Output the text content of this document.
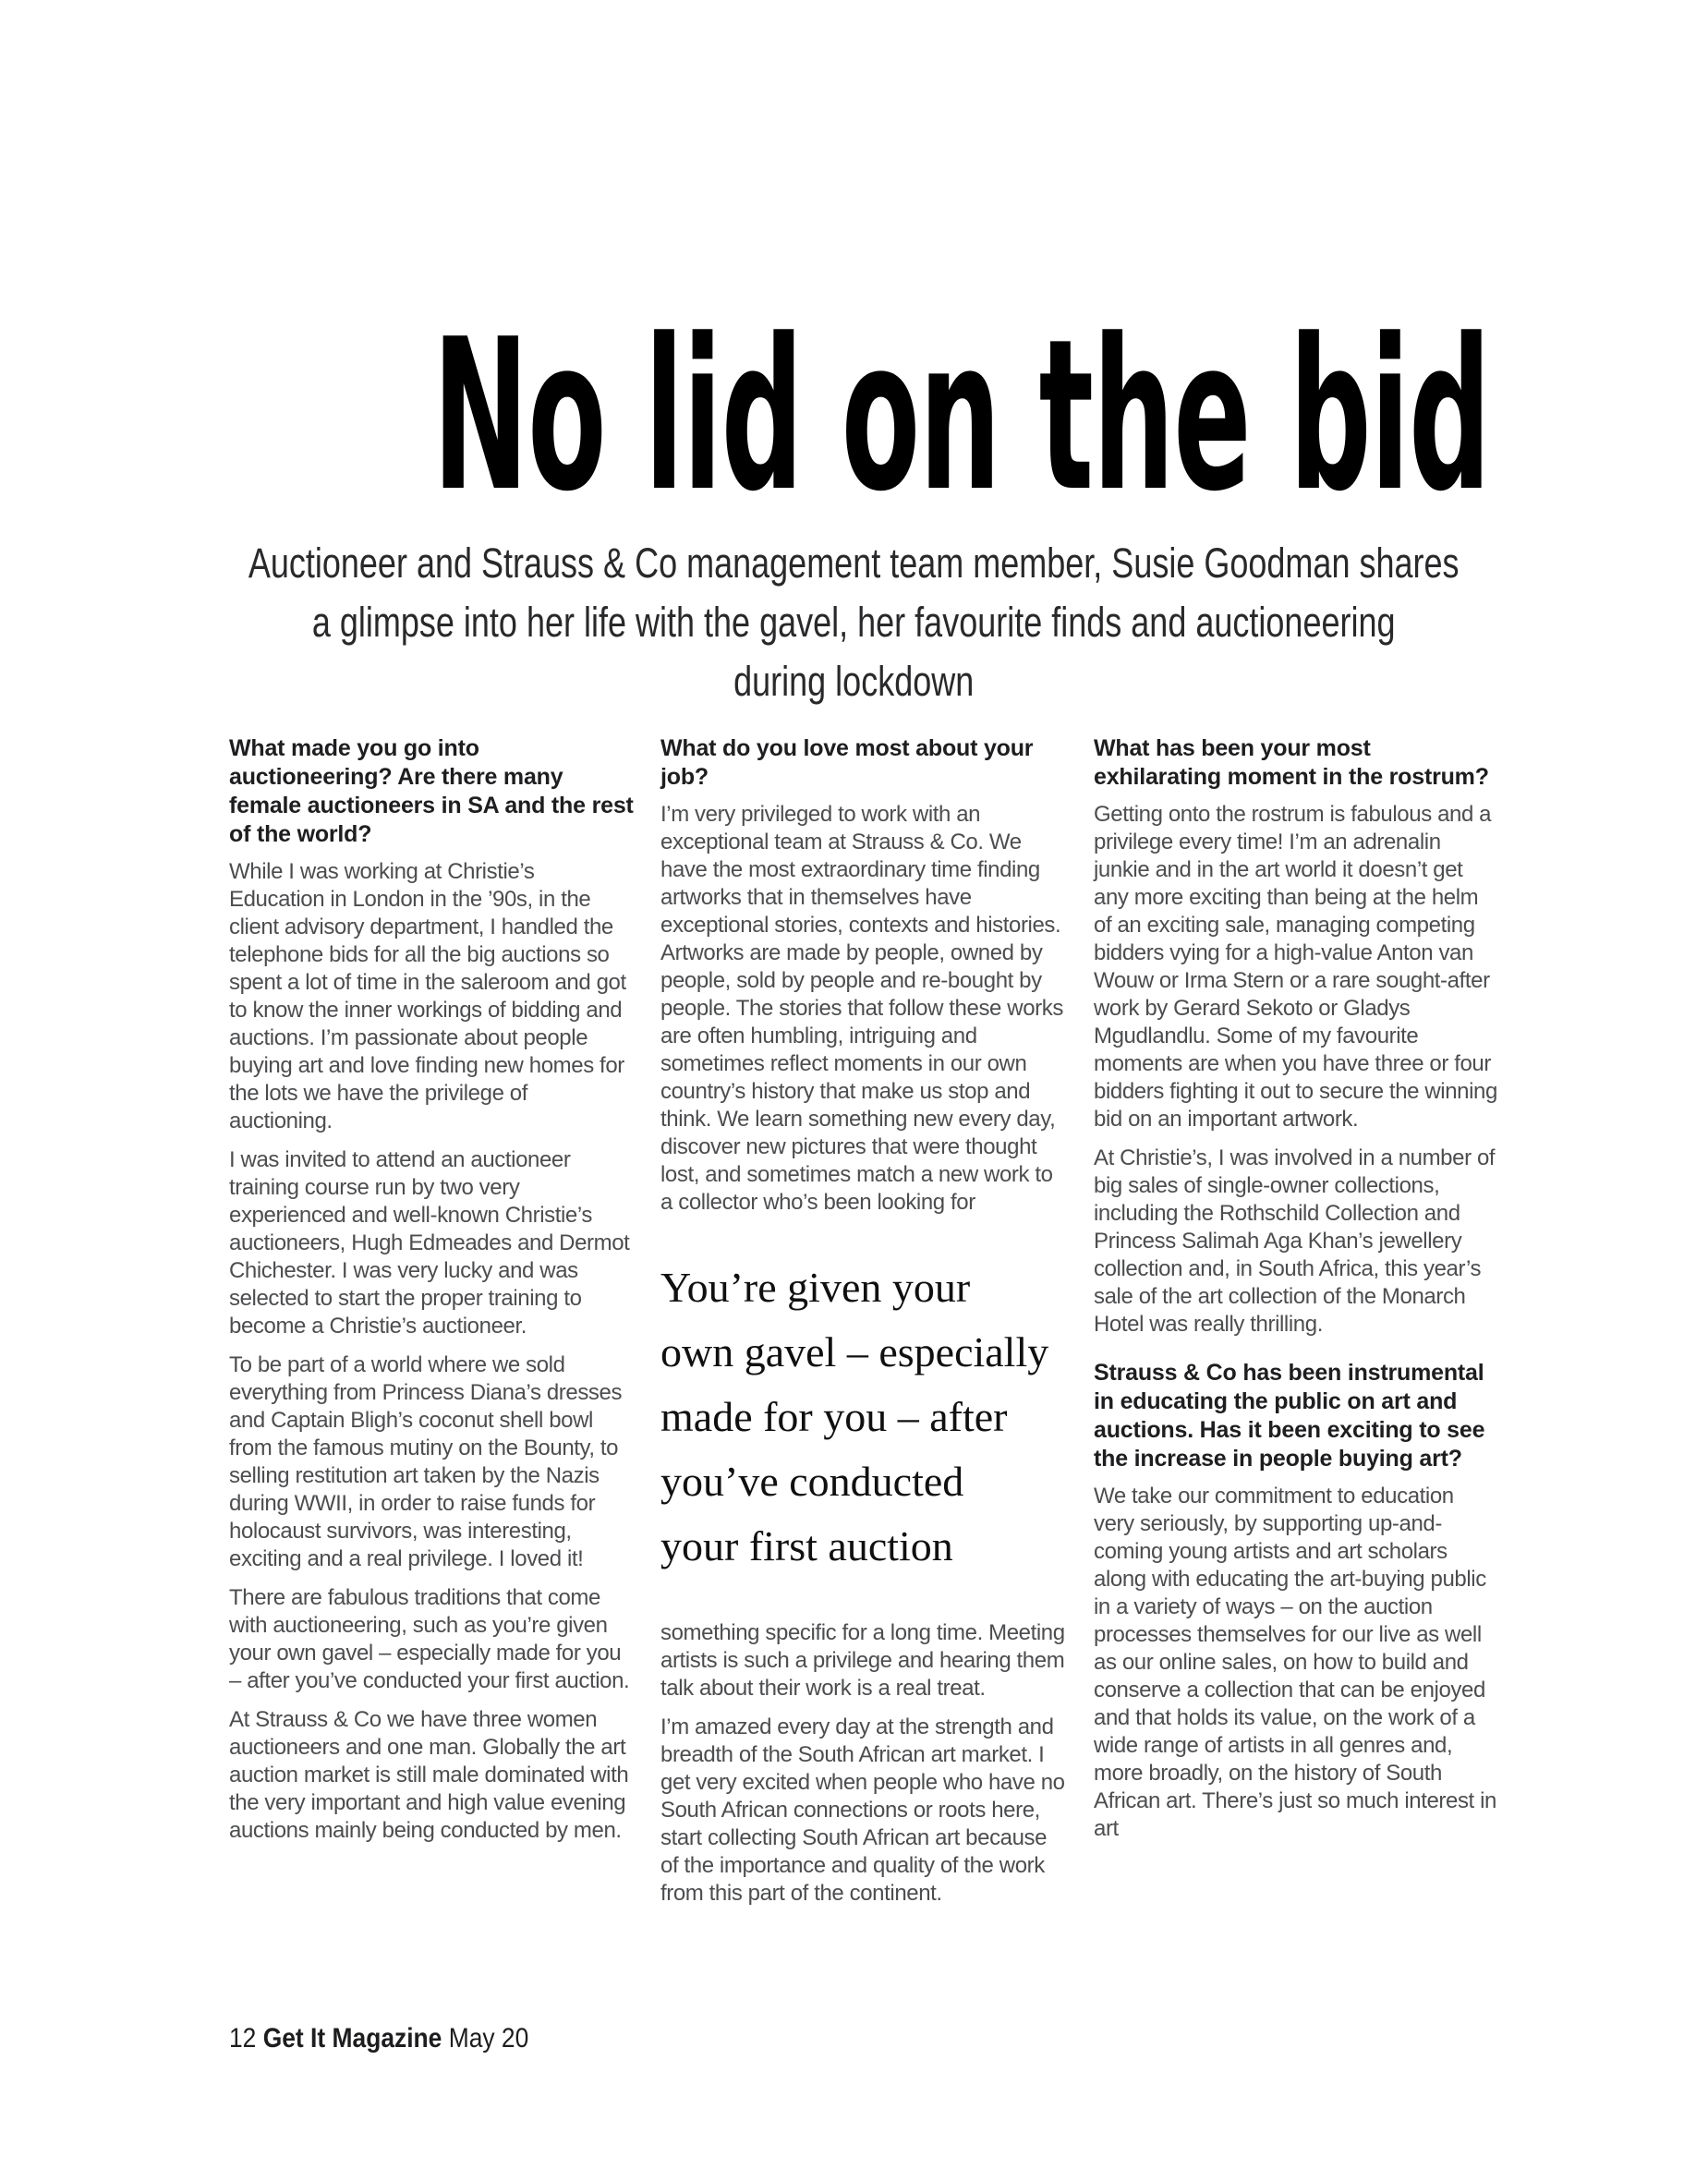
No lid on the bid
Auctioneer and Strauss & Co management team member, Susie Goodman shares
a glimpse into her life with the gavel, her favourite finds and auctioneering
during lockdown
What made you go into auctioneering? Are there many female auctioneers in SA and the rest of the world?

While I was working at Christie’s Education in London in the ’90s, in the client advisory department, I handled the telephone bids for all the big auctions so spent a lot of time in the saleroom and got to know the inner workings of bidding and auctions. I’m passionate about people buying art and love finding new homes for the lots we have the privilege of auctioning.

I was invited to attend an auctioneer training course run by two very experienced and well-known Christie’s auctioneers, Hugh Edmeades and Dermot Chichester. I was very lucky and was selected to start the proper training to become a Christie’s auctioneer.

To be part of a world where we sold everything from Princess Diana’s dresses and Captain Bligh’s coconut shell bowl from the famous mutiny on the Bounty, to selling restitution art taken by the Nazis during WWII, in order to raise funds for holocaust survivors, was interesting, exciting and a real privilege. I loved it!

There are fabulous traditions that come with auctioneering, such as you’re given your own gavel – especially made for you – after you’ve conducted your first auction.

At Strauss & Co we have three women auctioneers and one man. Globally the art auction market is still male dominated with the very important and high value evening auctions mainly being conducted by men.

What do you love most about your job?

I’m very privileged to work with an exceptional team at Strauss & Co. We have the most extraordinary time finding artworks that in themselves have exceptional stories, contexts and histories. Artworks are made by people, owned by people, sold by people and re-bought by people. The stories that follow these works are often humbling, intriguing and sometimes reflect moments in our own country’s history that make us stop and think. We learn something new every day, discover new pictures that were thought lost, and sometimes match a new work to a collector who’s been looking for

You’re given your
own gavel – especially
made for you – after
you’ve conducted
your first auction

something specific for a long time. Meeting artists is such a privilege and hearing them talk about their work is a real treat.

I’m amazed every day at the strength and breadth of the South African art market. I get very excited when people who have no South African connections or roots here, start collecting South African art because of the importance and quality of the work from this part of the continent.

What has been your most exhilarating moment in the rostrum?

Getting onto the rostrum is fabulous and a privilege every time! I’m an adrenalin junkie and in the art world it doesn’t get any more exciting than being at the helm of an exciting sale, managing competing bidders vying for a high-value Anton van Wouw or Irma Stern or a rare sought-after work by Gerard Sekoto or Gladys Mgudlandlu. Some of my favourite moments are when you have three or four bidders fighting it out to secure the winning bid on an important artwork.

At Christie’s, I was involved in a number of big sales of single-owner collections, including the Rothschild Collection and Princess Salimah Aga Khan’s jewellery collection and, in South Africa, this year’s sale of the art collection of the Monarch Hotel was really thrilling.

Strauss & Co has been instrumental in educating the public on art and auctions. Has it been exciting to see the increase in people buying art?

We take our commitment to education very seriously, by supporting up-and-coming young artists and art scholars along with educating the art-buying public in a variety of ways – on the auction processes themselves for our live as well as our online sales, on how to build and conserve a collection that can be enjoyed and that holds its value, on the work of a wide range of artists in all genres and, more broadly, on the history of South African art. There’s just so much interest in art

12 Get It Magazine May 20
